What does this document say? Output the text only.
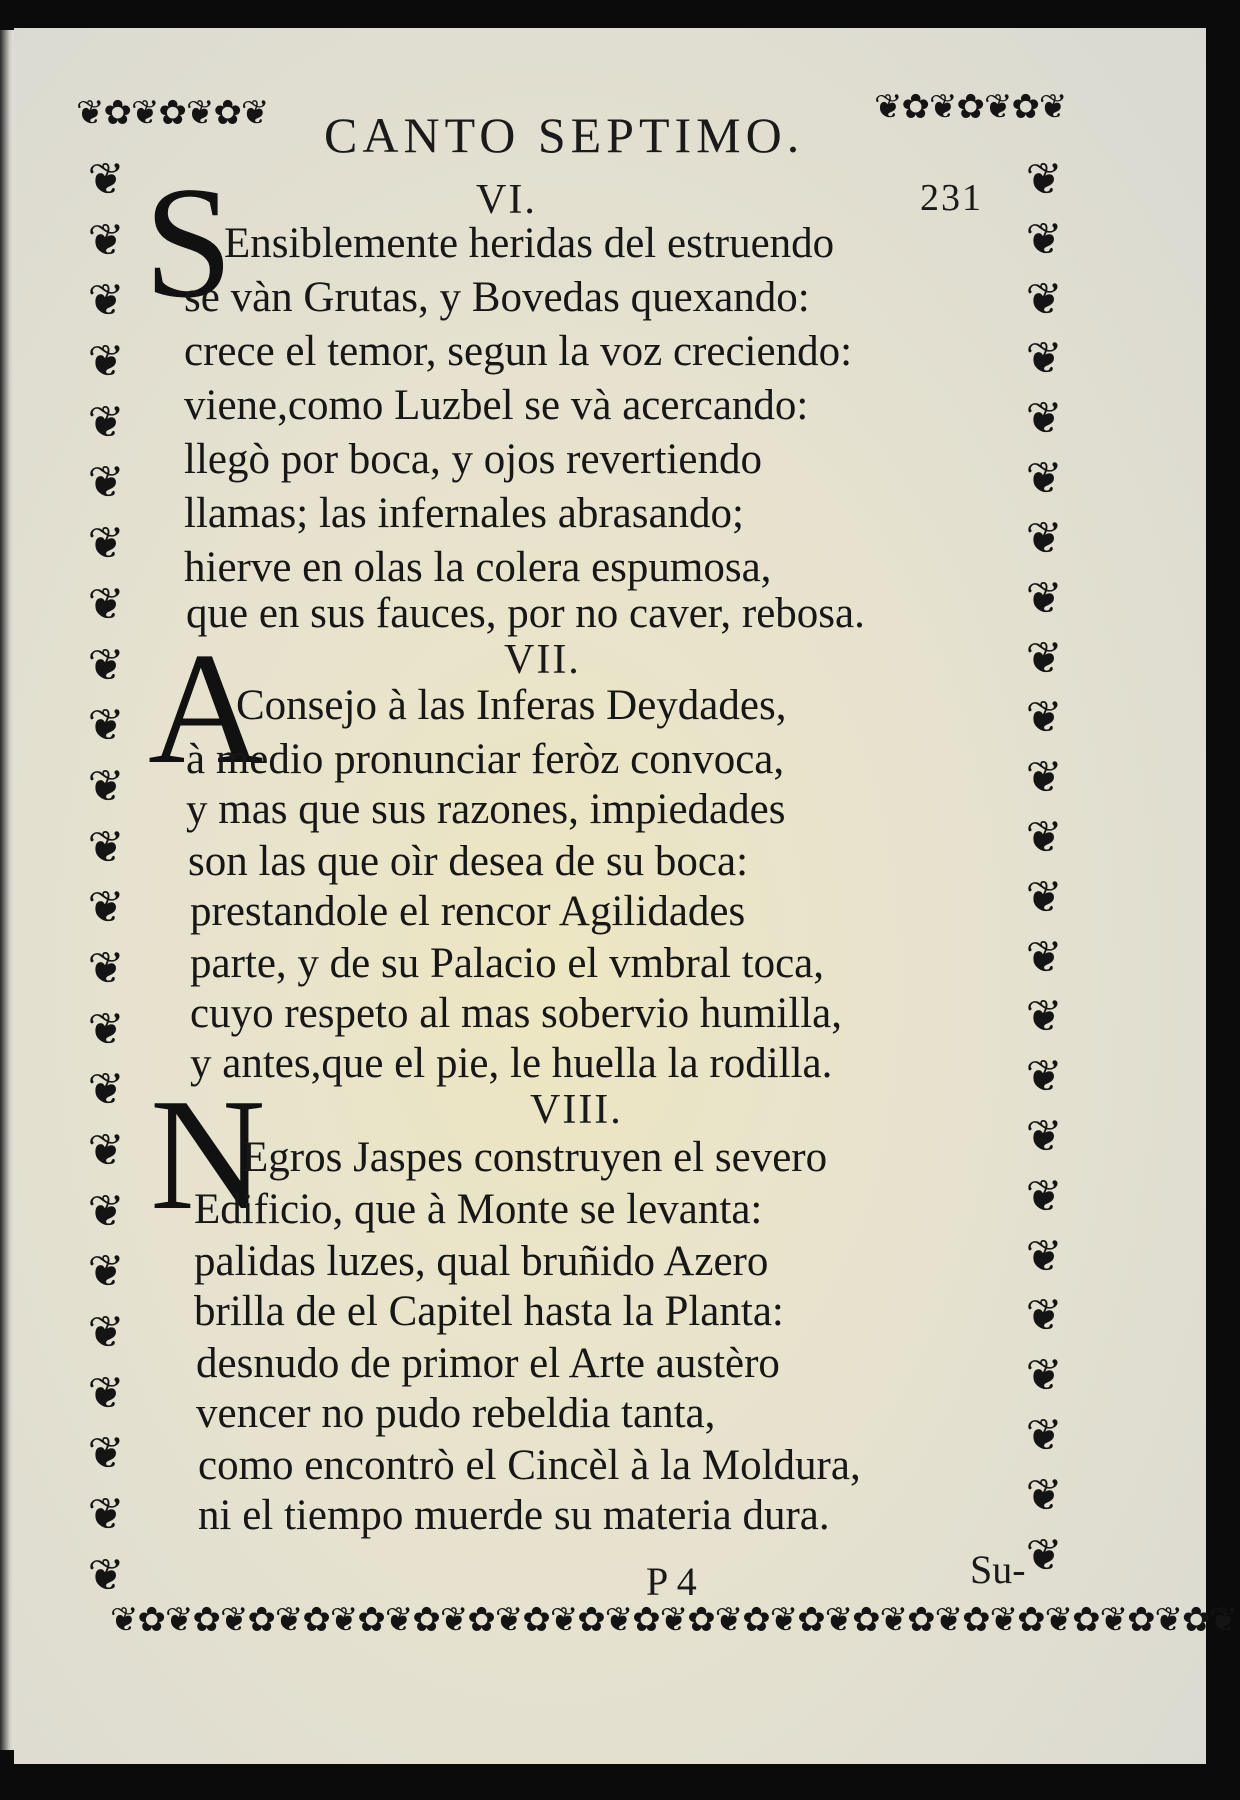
❦✿❦✿❦✿❦	❦✿❦✿❦✿❦
❦✿❦✿❦✿❦✿❦✿❦✿❦✿❦✿❦✿❦✿❦✿❦✿❦✿❦✿❦✿❦✿❦✿❦✿❦✿❦✿❦
❦
❦
❦
❦
❦
❦
❦
❦
❦
❦
❦
❦
❦
❦
❦
❦
❦
❦
❦
❦
❦
❦
❦
❦
❦
❦
❦
❦
❦
❦
❦
❦
❦
❦
❦
❦
❦
❦
❦
❦
❦
❦
❦
❦
❦
❦
❦
❦
CANTO SEPTIMO.
231
VI.
S
Ensiblemente heridas del estruendo
se vàn Grutas, y Bovedas quexando:
crece el temor, segun la voz creciendo:
viene,como Luzbel se và acercando:
llegò por boca, y ojos revertiendo
llamas; las infernales abrasando;
hierve en olas la colera espumosa,
que en sus fauces, por no caver, rebosa.
VII.
A
Consejo à las Inferas Deydades,
à medio pronunciar feròz convoca,
y mas que sus razones, impiedades
son las que oìr desea de su boca:
prestandole el rencor Agilidades
parte, y de su Palacio el vmbral toca,
cuyo respeto al mas sobervio humilla,
y antes,que el pie, le huella la rodilla.
VIII.
N
Egros Jaspes construyen el severo
Edificio, que à Monte se levanta:
palidas luzes, qual bruñido Azero
brilla de el Capitel hasta la Planta:
desnudo de primor el Arte austèro
vencer no pudo rebeldia tanta,
como encontrò el Cincèl à la Moldura,
ni el tiempo muerde su materia dura.
P 4	Su-
